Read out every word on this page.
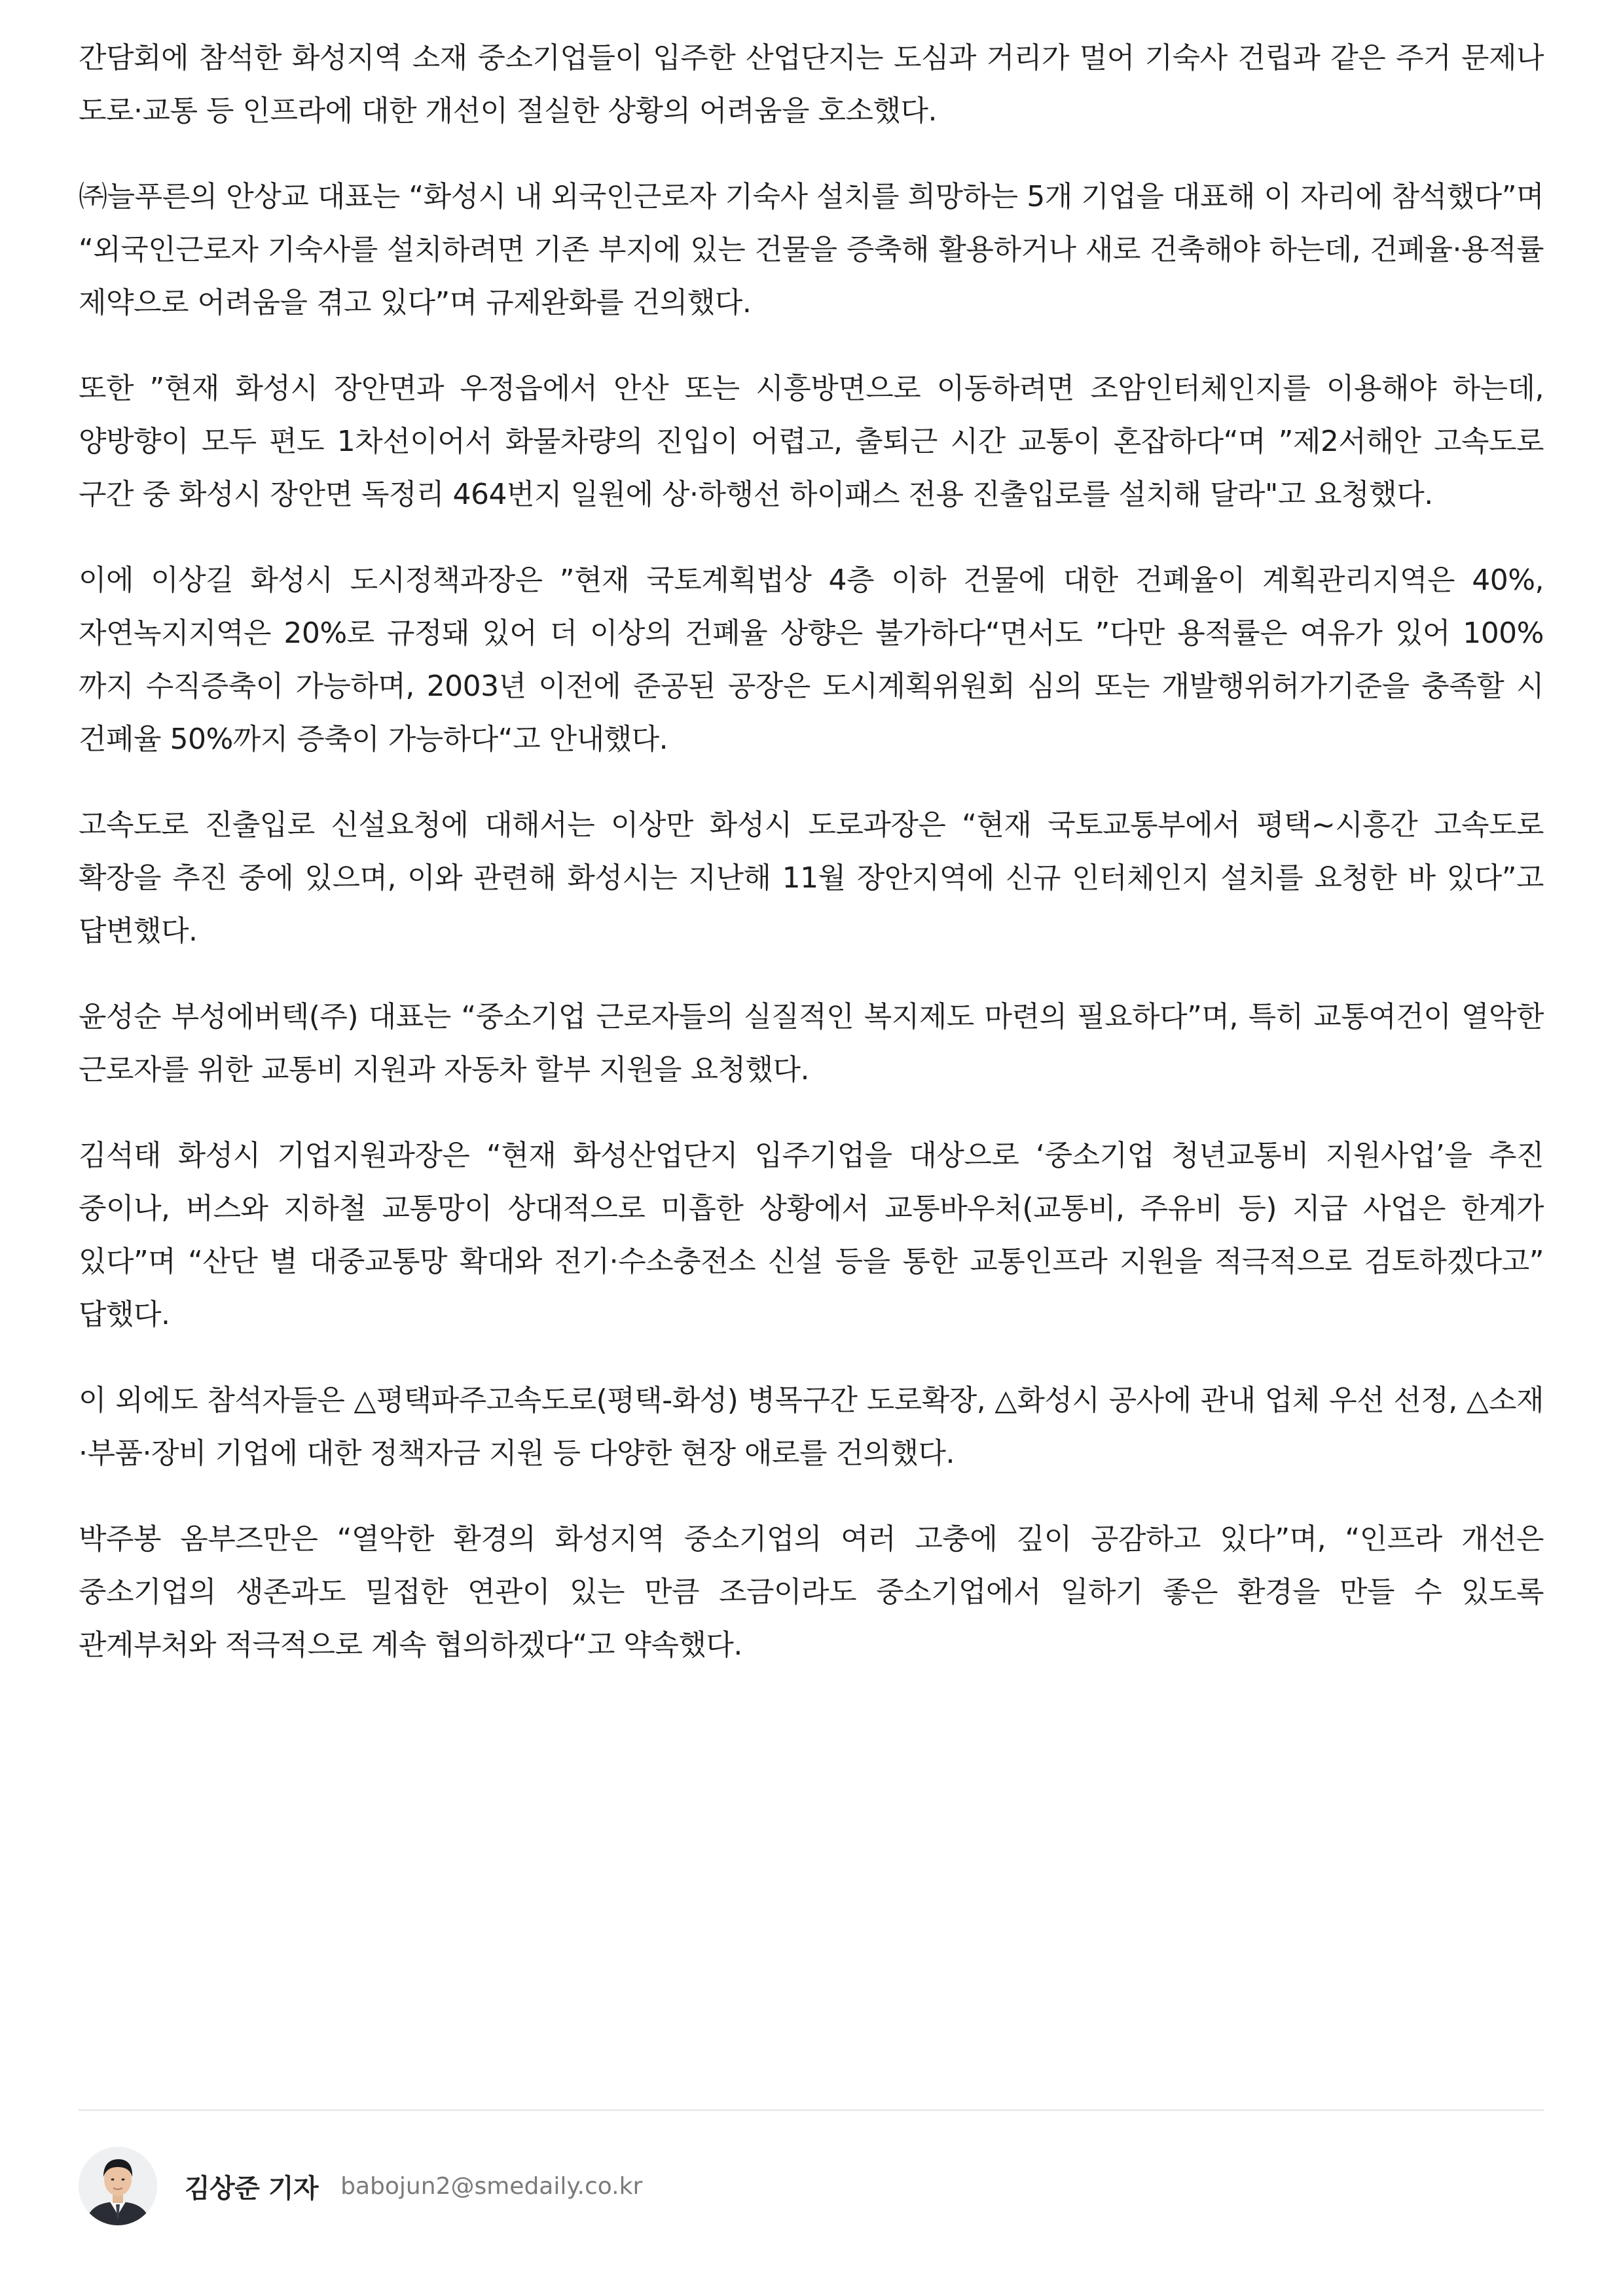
간담회에 참석한 화성지역 소재 중소기업들이 입주한 산업단지는 도심과 거리가 멀어 기숙사 건립과 같은 주거 문제나 도로·교통 등 인프라에 대한 개선이 절실한 상황의 어려움을 호소했다.

㈜늘푸른의 안상교 대표는 “화성시 내 외국인근로자 기숙사 설치를 희망하는 5개 기업을 대표해 이 자리에 참석했다”며 “외국인근로자 기숙사를 설치하려면 기존 부지에 있는 건물을 증축해 활용하거나 새로 건축해야 하는데, 건폐율·용적률 제약으로 어려움을 겪고 있다”며 규제완화를 건의했다.

또한 ”현재 화성시 장안면과 우정읍에서 안산 또는 시흥방면으로 이동하려면 조암인터체인지를 이용해야 하는데, 양방향이 모두 편도 1차선이어서 화물차량의 진입이 어렵고, 출퇴근 시간 교통이 혼잡하다“며 ”제2서해안 고속도로 구간 중 화성시 장안면 독정리 464번지 일원에 상·하행선 하이패스 전용 진출입로를 설치해 달라"고 요청했다.

이에 이상길 화성시 도시정책과장은 ”현재 국토계획법상 4층 이하 건물에 대한 건폐율이 계획관리지역은 40%, 자연녹지지역은 20%로 규정돼 있어 더 이상의 건폐율 상향은 불가하다“면서도 ”다만 용적률은 여유가 있어 100%까지 수직증축이 가능하며, 2003년 이전에 준공된 공장은 도시계획위원회 심의 또는 개발행위허가기준을 충족할 시 건폐율 50%까지 증축이 가능하다“고 안내했다.

고속도로 진출입로 신설요청에 대해서는 이상만 화성시 도로과장은 “현재 국토교통부에서 평택~시흥간 고속도로 확장을 추진 중에 있으며, 이와 관련해 화성시는 지난해 11월 장안지역에 신규 인터체인지 설치를 요청한 바 있다”고 답변했다.

윤성순 부성에버텍(주) 대표는 “중소기업 근로자들의 실질적인 복지제도 마련의 필요하다”며, 특히 교통여건이 열악한 근로자를 위한 교통비 지원과 자동차 할부 지원을 요청했다.

김석태 화성시 기업지원과장은 “현재 화성산업단지 입주기업을 대상으로 ‘중소기업 청년교통비 지원사업’을 추진 중이나, 버스와 지하철 교통망이 상대적으로 미흡한 상황에서 교통바우처(교통비, 주유비 등) 지급 사업은 한계가 있다”며 “산단 별 대중교통망 확대와 전기·수소충전소 신설 등을 통한 교통인프라 지원을 적극적으로 검토하겠다고” 답했다.

이 외에도 참석자들은 △평택파주고속도로(평택-화성) 병목구간 도로확장, △화성시 공사에 관내 업체 우선 선정, △소재·부품·장비 기업에 대한 정책자금 지원 등 다양한 현장 애로를 건의했다.

박주봉 옴부즈만은 “열악한 환경의 화성지역 중소기업의 여러 고충에 깊이 공감하고 있다”며, “인프라 개선은 중소기업의 생존과도 밀접한 연관이 있는 만큼 조금이라도 중소기업에서 일하기 좋은 환경을 만들 수 있도록 관계부처와 적극적으로 계속 협의하겠다“고 약속했다.

김상준 기자 babojun2@smedaily.co.kr
